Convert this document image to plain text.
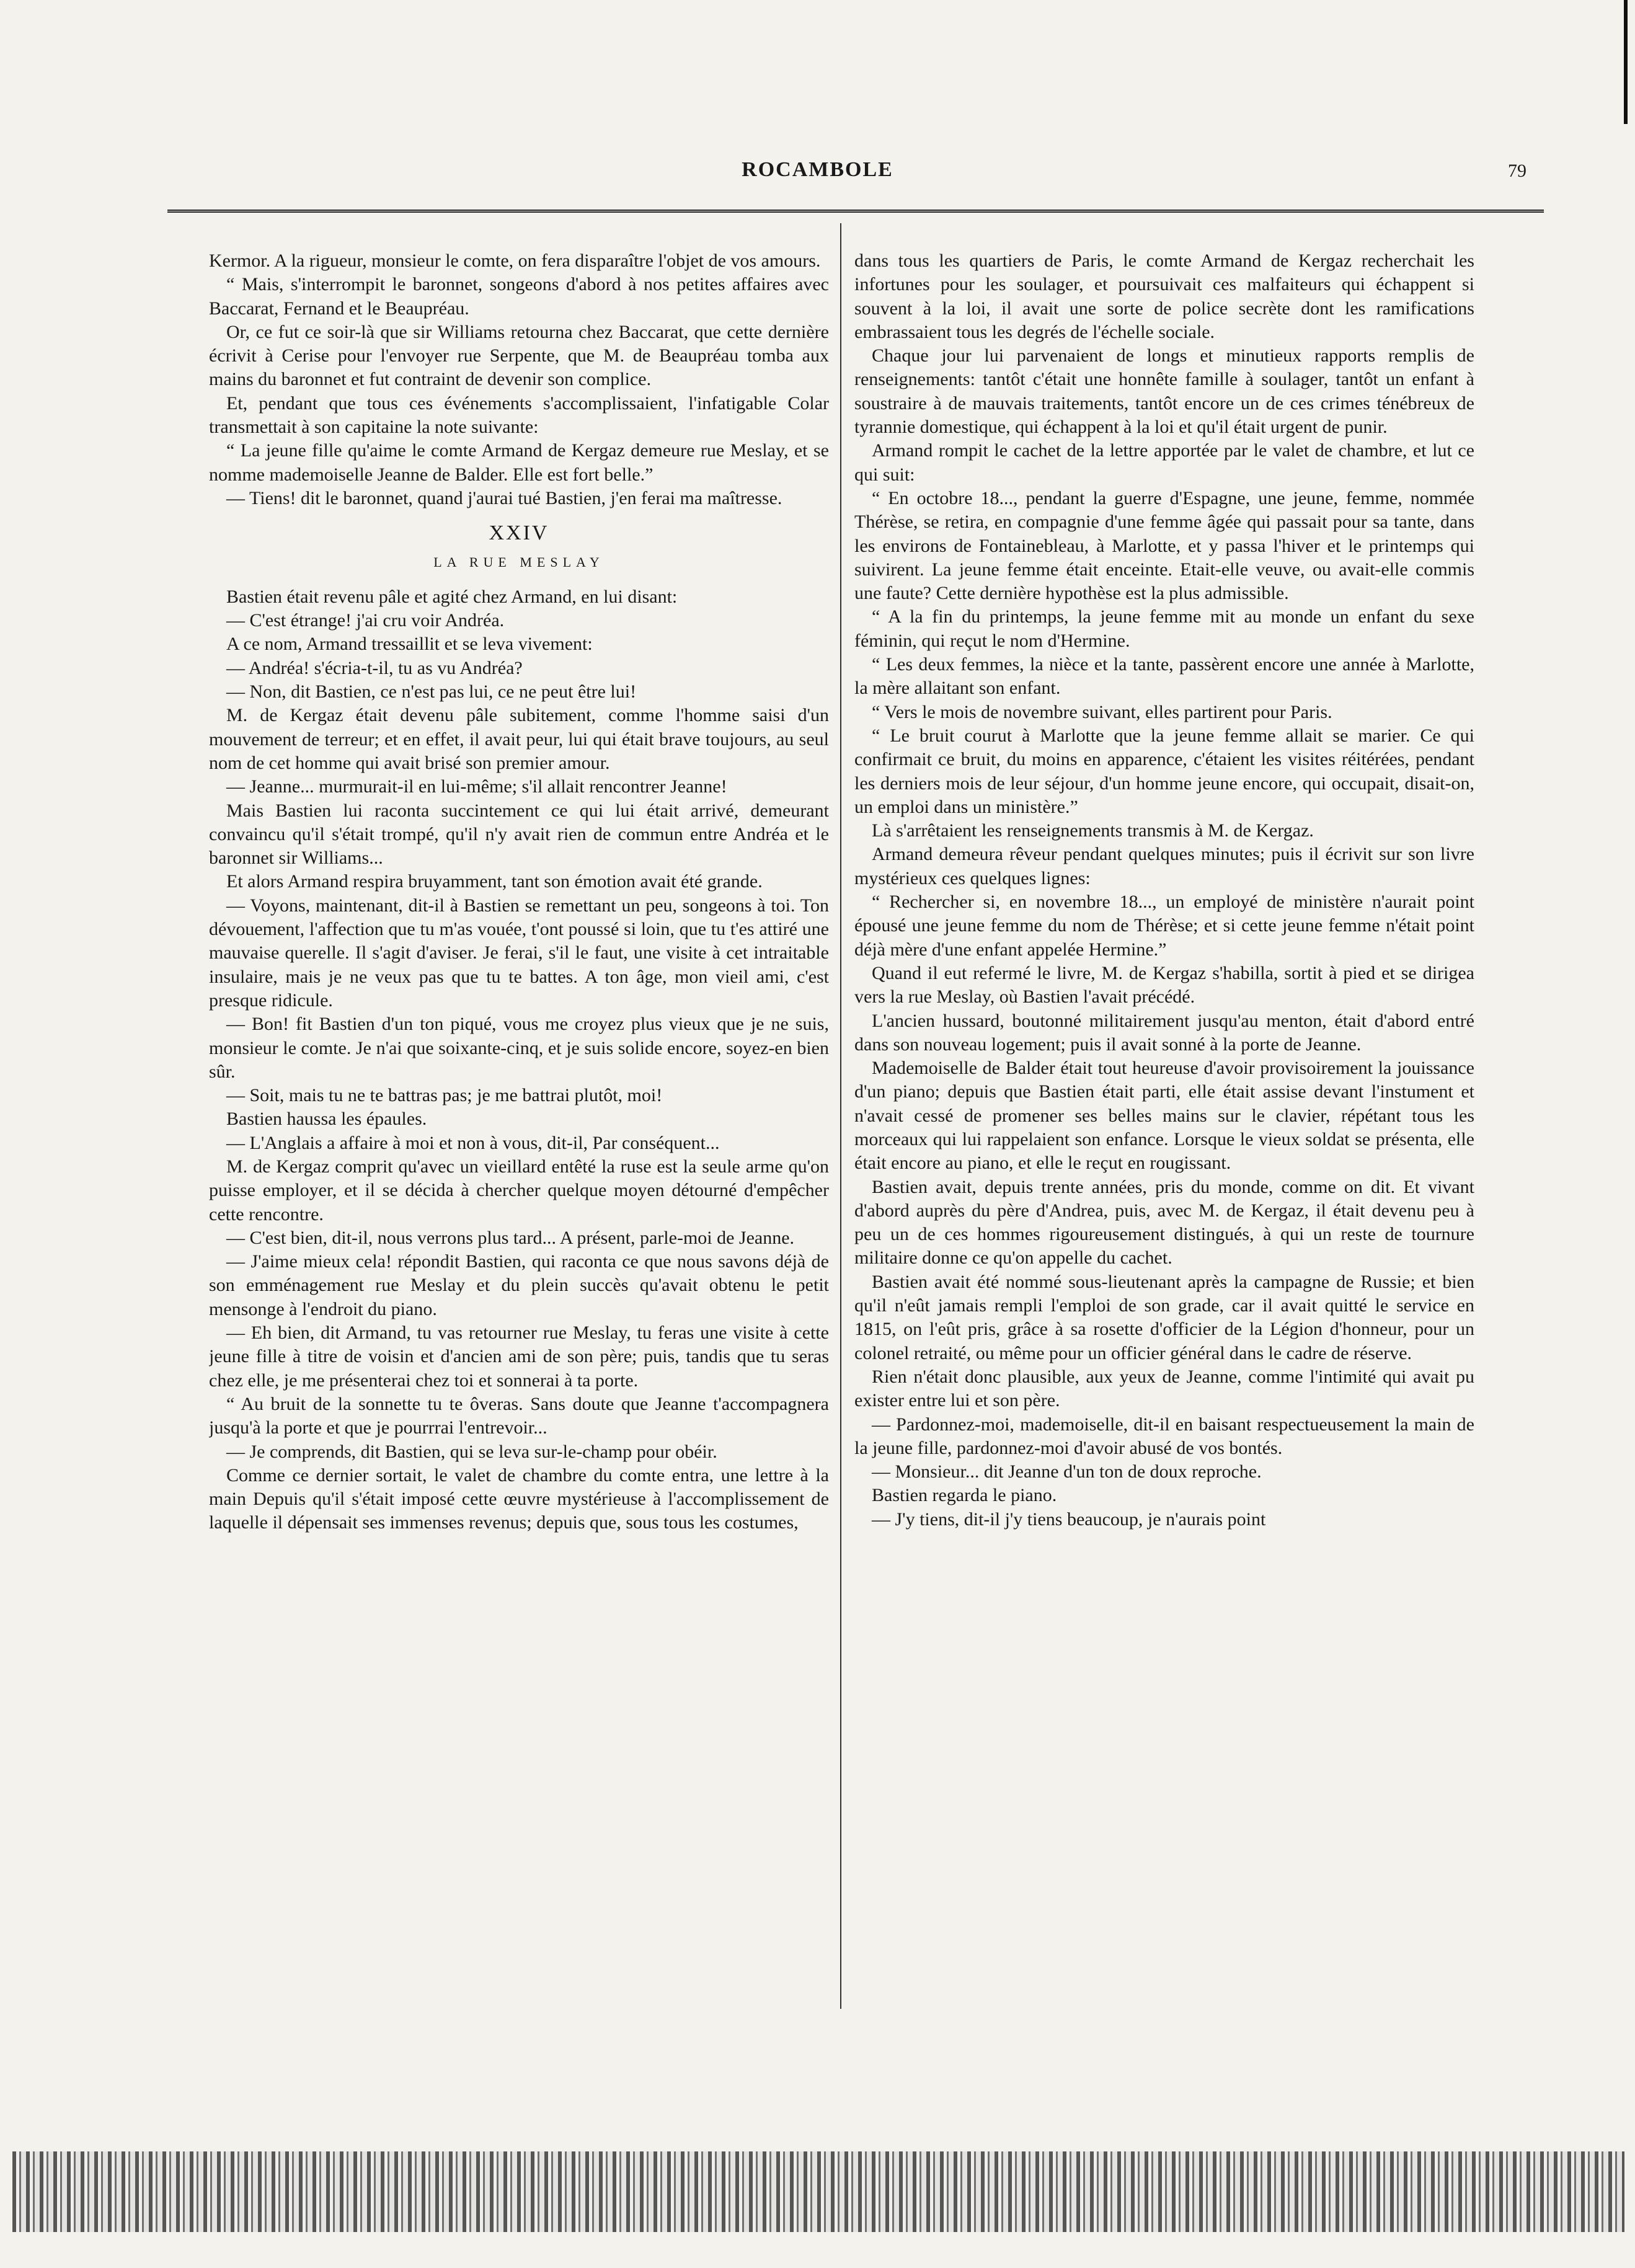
ROCAMBOLE	79

Kermor. A la rigueur, monsieur le comte, on fera disparaître l'objet de vos amours.

“ Mais, s'interrompit le baronnet, songeons d'abord à nos petites affaires avec Baccarat, Fernand et le Beaupréau.

Or, ce fut ce soir-là que sir Williams retourna chez Baccarat, que cette dernière écrivit à Cerise pour l'envoyer rue Serpente, que M. de Beaupréau tomba aux mains du baronnet et fut contraint de devenir son complice.

Et, pendant que tous ces événements s'accomplissaient, l'infatigable Colar transmettait à son capitaine la note suivante:

“ La jeune fille qu'aime le comte Armand de Kergaz demeure rue Meslay, et se nomme mademoiselle Jeanne de Balder. Elle est fort belle.”

— Tiens! dit le baronnet, quand j'aurai tué Bastien, j'en ferai ma maîtresse.

XXIV
LA RUE MESLAY

Bastien était revenu pâle et agité chez Armand, en lui disant:

— C'est étrange! j'ai cru voir Andréa.

A ce nom, Armand tressaillit et se leva vivement:

— Andréa! s'écria-t-il, tu as vu Andréa?

— Non, dit Bastien, ce n'est pas lui, ce ne peut être lui!

M. de Kergaz était devenu pâle subitement, comme l'homme saisi d'un mouvement de terreur; et en effet, il avait peur, lui qui était brave toujours, au seul nom de cet homme qui avait brisé son premier amour.

— Jeanne... murmurait-il en lui-même; s'il allait rencontrer Jeanne!

Mais Bastien lui raconta succintement ce qui lui était arrivé, demeurant convaincu qu'il s'était trompé, qu'il n'y avait rien de commun entre Andréa et le baronnet sir Williams...

Et alors Armand respira bruyamment, tant son émotion avait été grande.

— Voyons, maintenant, dit-il à Bastien se remettant un peu, songeons à toi. Ton dévouement, l'affection que tu m'as vouée, t'ont poussé si loin, que tu t'es attiré une mauvaise querelle. Il s'agit d'aviser. Je ferai, s'il le faut, une visite à cet intraitable insulaire, mais je ne veux pas que tu te battes. A ton âge, mon vieil ami, c'est presque ridicule.

— Bon! fit Bastien d'un ton piqué, vous me croyez plus vieux que je ne suis, monsieur le comte. Je n'ai que soixante-cinq, et je suis solide encore, soyez-en bien sûr.

— Soit, mais tu ne te battras pas; je me battrai plutôt, moi!

Bastien haussa les épaules.

— L'Anglais a affaire à moi et non à vous, dit-il, Par conséquent...

M. de Kergaz comprit qu'avec un vieillard entêté la ruse est la seule arme qu'on puisse employer, et il se décida à chercher quelque moyen détourné d'empêcher cette rencontre.

— C'est bien, dit-il, nous verrons plus tard... A présent, parle-moi de Jeanne.

— J'aime mieux cela! répondit Bastien, qui raconta ce que nous savons déjà de son emménagement rue Meslay et du plein succès qu'avait obtenu le petit mensonge à l'endroit du piano.

— Eh bien, dit Armand, tu vas retourner rue Meslay, tu feras une visite à cette jeune fille à titre de voisin et d'ancien ami de son père; puis, tandis que tu seras chez elle, je me présenterai chez toi et sonnerai à ta porte.

“ Au bruit de la sonnette tu te ôveras. Sans doute que Jeanne t'accompagnera jusqu'à la porte et que je pourrrai l'entrevoir...

— Je comprends, dit Bastien, qui se leva sur-le-champ pour obéir.

Comme ce dernier sortait, le valet de chambre du comte entra, une lettre à la main Depuis qu'il s'était imposé cette œuvre mystérieuse à l'accomplissement de laquelle il dépensait ses immenses revenus; depuis que, sous tous les costumes,

dans tous les quartiers de Paris, le comte Armand de Kergaz recherchait les infortunes pour les soulager, et poursuivait ces malfaiteurs qui échappent si souvent à la loi, il avait une sorte de police secrète dont les ramifications embrassaient tous les degrés de l'échelle sociale.

Chaque jour lui parvenaient de longs et minutieux rapports remplis de renseignements: tantôt c'était une honnête famille à soulager, tantôt un enfant à soustraire à de mauvais traitements, tantôt encore un de ces crimes ténébreux de tyrannie domestique, qui échappent à la loi et qu'il était urgent de punir.

Armand rompit le cachet de la lettre apportée par le valet de chambre, et lut ce qui suit:

“ En octobre 18..., pendant la guerre d'Espagne, une jeune, femme, nommée Thérèse, se retira, en compagnie d'une femme âgée qui passait pour sa tante, dans les environs de Fontainebleau, à Marlotte, et y passa l'hiver et le printemps qui suivirent. La jeune femme était enceinte. Etait-elle veuve, ou avait-elle commis une faute? Cette dernière hypothèse est la plus admissible.

“ A la fin du printemps, la jeune femme mit au monde un enfant du sexe féminin, qui reçut le nom d'Hermine.

“ Les deux femmes, la nièce et la tante, passèrent encore une année à Marlotte, la mère allaitant son enfant.

“ Vers le mois de novembre suivant, elles partirent pour Paris.

“ Le bruit courut à Marlotte que la jeune femme allait se marier. Ce qui confirmait ce bruit, du moins en apparence, c'étaient les visites réitérées, pendant les derniers mois de leur séjour, d'un homme jeune encore, qui occupait, disait-on, un emploi dans un ministère.”

Là s'arrêtaient les renseignements transmis à M. de Kergaz.

Armand demeura rêveur pendant quelques minutes; puis il écrivit sur son livre mystérieux ces quelques lignes:

“ Rechercher si, en novembre 18..., un employé de ministère n'aurait point épousé une jeune femme du nom de Thérèse; et si cette jeune femme n'était point déjà mère d'une enfant appelée Hermine.”

Quand il eut refermé le livre, M. de Kergaz s'habilla, sortit à pied et se dirigea vers la rue Meslay, où Bastien l'avait précédé.

L'ancien hussard, boutonné militairement jusqu'au menton, était d'abord entré dans son nouveau logement; puis il avait sonné à la porte de Jeanne.

Mademoiselle de Balder était tout heureuse d'avoir provisoirement la jouissance d'un piano; depuis que Bastien était parti, elle était assise devant l'instument et n'avait cessé de promener ses belles mains sur le clavier, répétant tous les morceaux qui lui rappelaient son enfance. Lorsque le vieux soldat se présenta, elle était encore au piano, et elle le reçut en rougissant.

Bastien avait, depuis trente années, pris du monde, comme on dit. Et vivant d'abord auprès du père d'Andrea, puis, avec M. de Kergaz, il était devenu peu à peu un de ces hommes rigoureusement distingués, à qui un reste de tournure militaire donne ce qu'on appelle du cachet.

Bastien avait été nommé sous-lieutenant après la campagne de Russie; et bien qu'il n'eût jamais rempli l'emploi de son grade, car il avait quitté le service en 1815, on l'eût pris, grâce à sa rosette d'officier de la Légion d'honneur, pour un colonel retraité, ou même pour un officier général dans le cadre de réserve.

Rien n'était donc plausible, aux yeux de Jeanne, comme l'intimité qui avait pu exister entre lui et son père.

— Pardonnez-moi, mademoiselle, dit-il en baisant respectueusement la main de la jeune fille, pardonnez-moi d'avoir abusé de vos bontés.

— Monsieur... dit Jeanne d'un ton de doux reproche.

Bastien regarda le piano.

— J'y tiens, dit-il j'y tiens beaucoup, je n'aurais point
